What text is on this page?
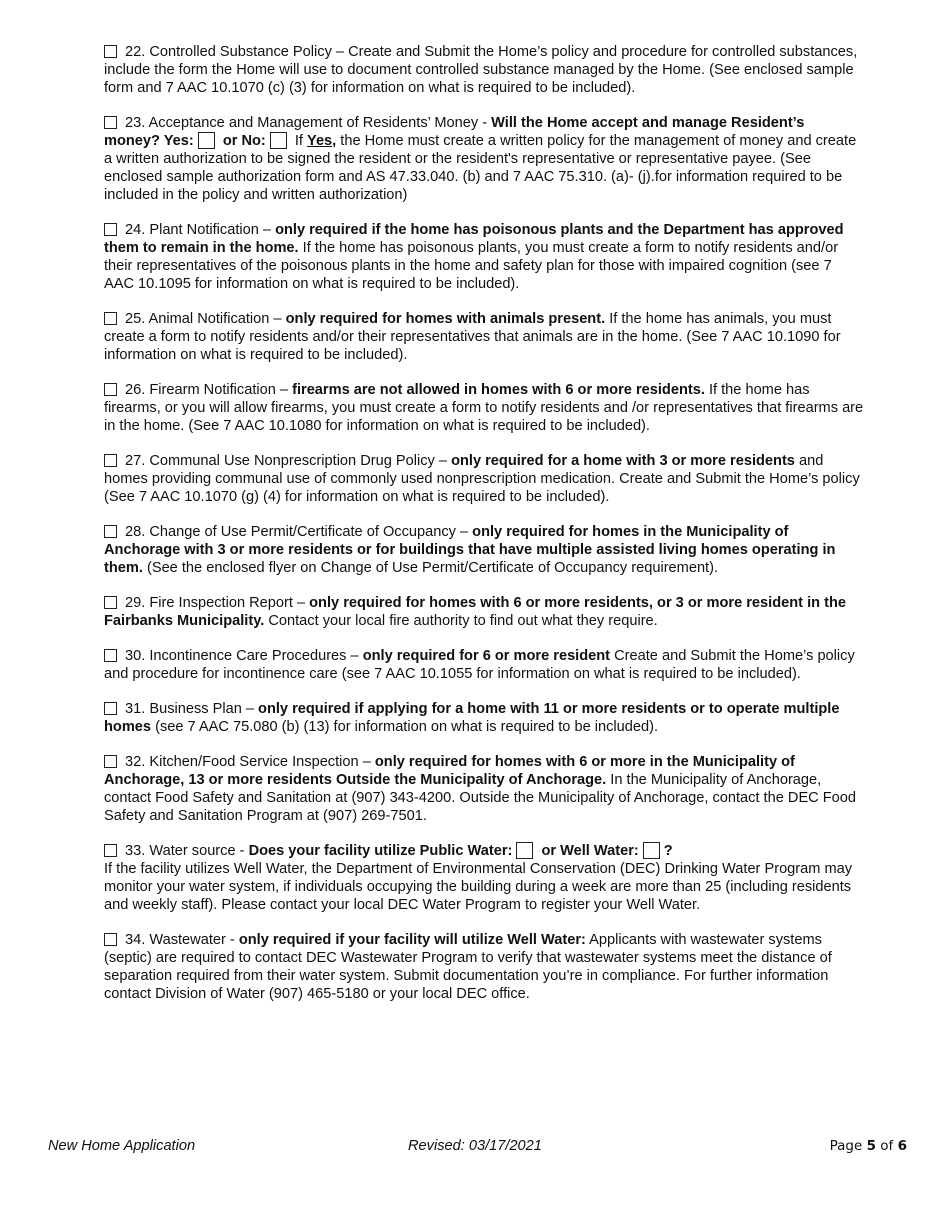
22. Controlled Substance Policy – Create and Submit the Home’s policy and procedure for controlled substances, include the form the Home will use to document controlled substance managed by the Home. (See enclosed sample form and 7 AAC 10.1070 (c) (3) for information on what is required to be included).
23. Acceptance and Management of Residents’ Money - Will the Home accept and manage Resident’s money? Yes: or No: If Yes, the Home must create a written policy for the management of money and create a written authorization to be signed the resident or the resident's representative or representative payee. (See enclosed sample authorization form and AS 47.33.040. (b) and 7 AAC 75.310. (a)- (j).for information required to be included in the policy and written authorization)
24. Plant Notification – only required if the home has poisonous plants and the Department has approved them to remain in the home. If the home has poisonous plants, you must create a form to notify residents and/or their representatives of the poisonous plants in the home and safety plan for those with impaired cognition (see 7 AAC 10.1095 for information on what is required to be included).
25. Animal Notification – only required for homes with animals present. If the home has animals, you must create a form to notify residents and/or their representatives that animals are in the home. (See 7 AAC 10.1090 for information on what is required to be included).
26. Firearm Notification – firearms are not allowed in homes with 6 or more residents. If the home has firearms, or you will allow firearms, you must create a form to notify residents and /or representatives that firearms are in the home. (See 7 AAC 10.1080 for information on what is required to be included).
27. Communal Use Nonprescription Drug Policy – only required for a home with 3 or more residents and homes providing communal use of commonly used nonprescription medication. Create and Submit the Home’s policy (See 7 AAC 10.1070 (g) (4) for information on what is required to be included).
28. Change of Use Permit/Certificate of Occupancy – only required for homes in the Municipality of Anchorage with 3 or more residents or for buildings that have multiple assisted living homes operating in them. (See the enclosed flyer on Change of Use Permit/Certificate of Occupancy requirement).
29. Fire Inspection Report – only required for homes with 6 or more residents, or 3 or more resident in the Fairbanks Municipality. Contact your local fire authority to find out what they require.
30. Incontinence Care Procedures – only required for 6 or more resident Create and Submit the Home’s policy and procedure for incontinence care (see 7 AAC 10.1055 for information on what is required to be included).
31. Business Plan – only required if applying for a home with 11 or more residents or to operate multiple homes (see 7 AAC 75.080 (b) (13) for information on what is required to be included).
32. Kitchen/Food Service Inspection – only required for homes with 6 or more in the Municipality of Anchorage, 13 or more residents Outside the Municipality of Anchorage. In the Municipality of Anchorage, contact Food Safety and Sanitation at (907) 343-4200. Outside the Municipality of Anchorage, contact the DEC Food Safety and Sanitation Program at (907) 269-7501.
33. Water source - Does your facility utilize Public Water: or Well Water: ?
If the facility utilizes Well Water, the Department of Environmental Conservation (DEC) Drinking Water Program may monitor your water system, if individuals occupying the building during a week are more than 25 (including residents and weekly staff). Please contact your local DEC Water Program to register your Well Water.
34. Wastewater - only required if your facility will utilize Well Water: Applicants with wastewater systems (septic) are required to contact DEC Wastewater Program to verify that wastewater systems meet the distance of separation required from their water system. Submit documentation you’re in compliance. For further information contact Division of Water (907) 465-5180 or your local DEC office.
New Home Application	Revised: 03/17/2021	Page 5 of 6
